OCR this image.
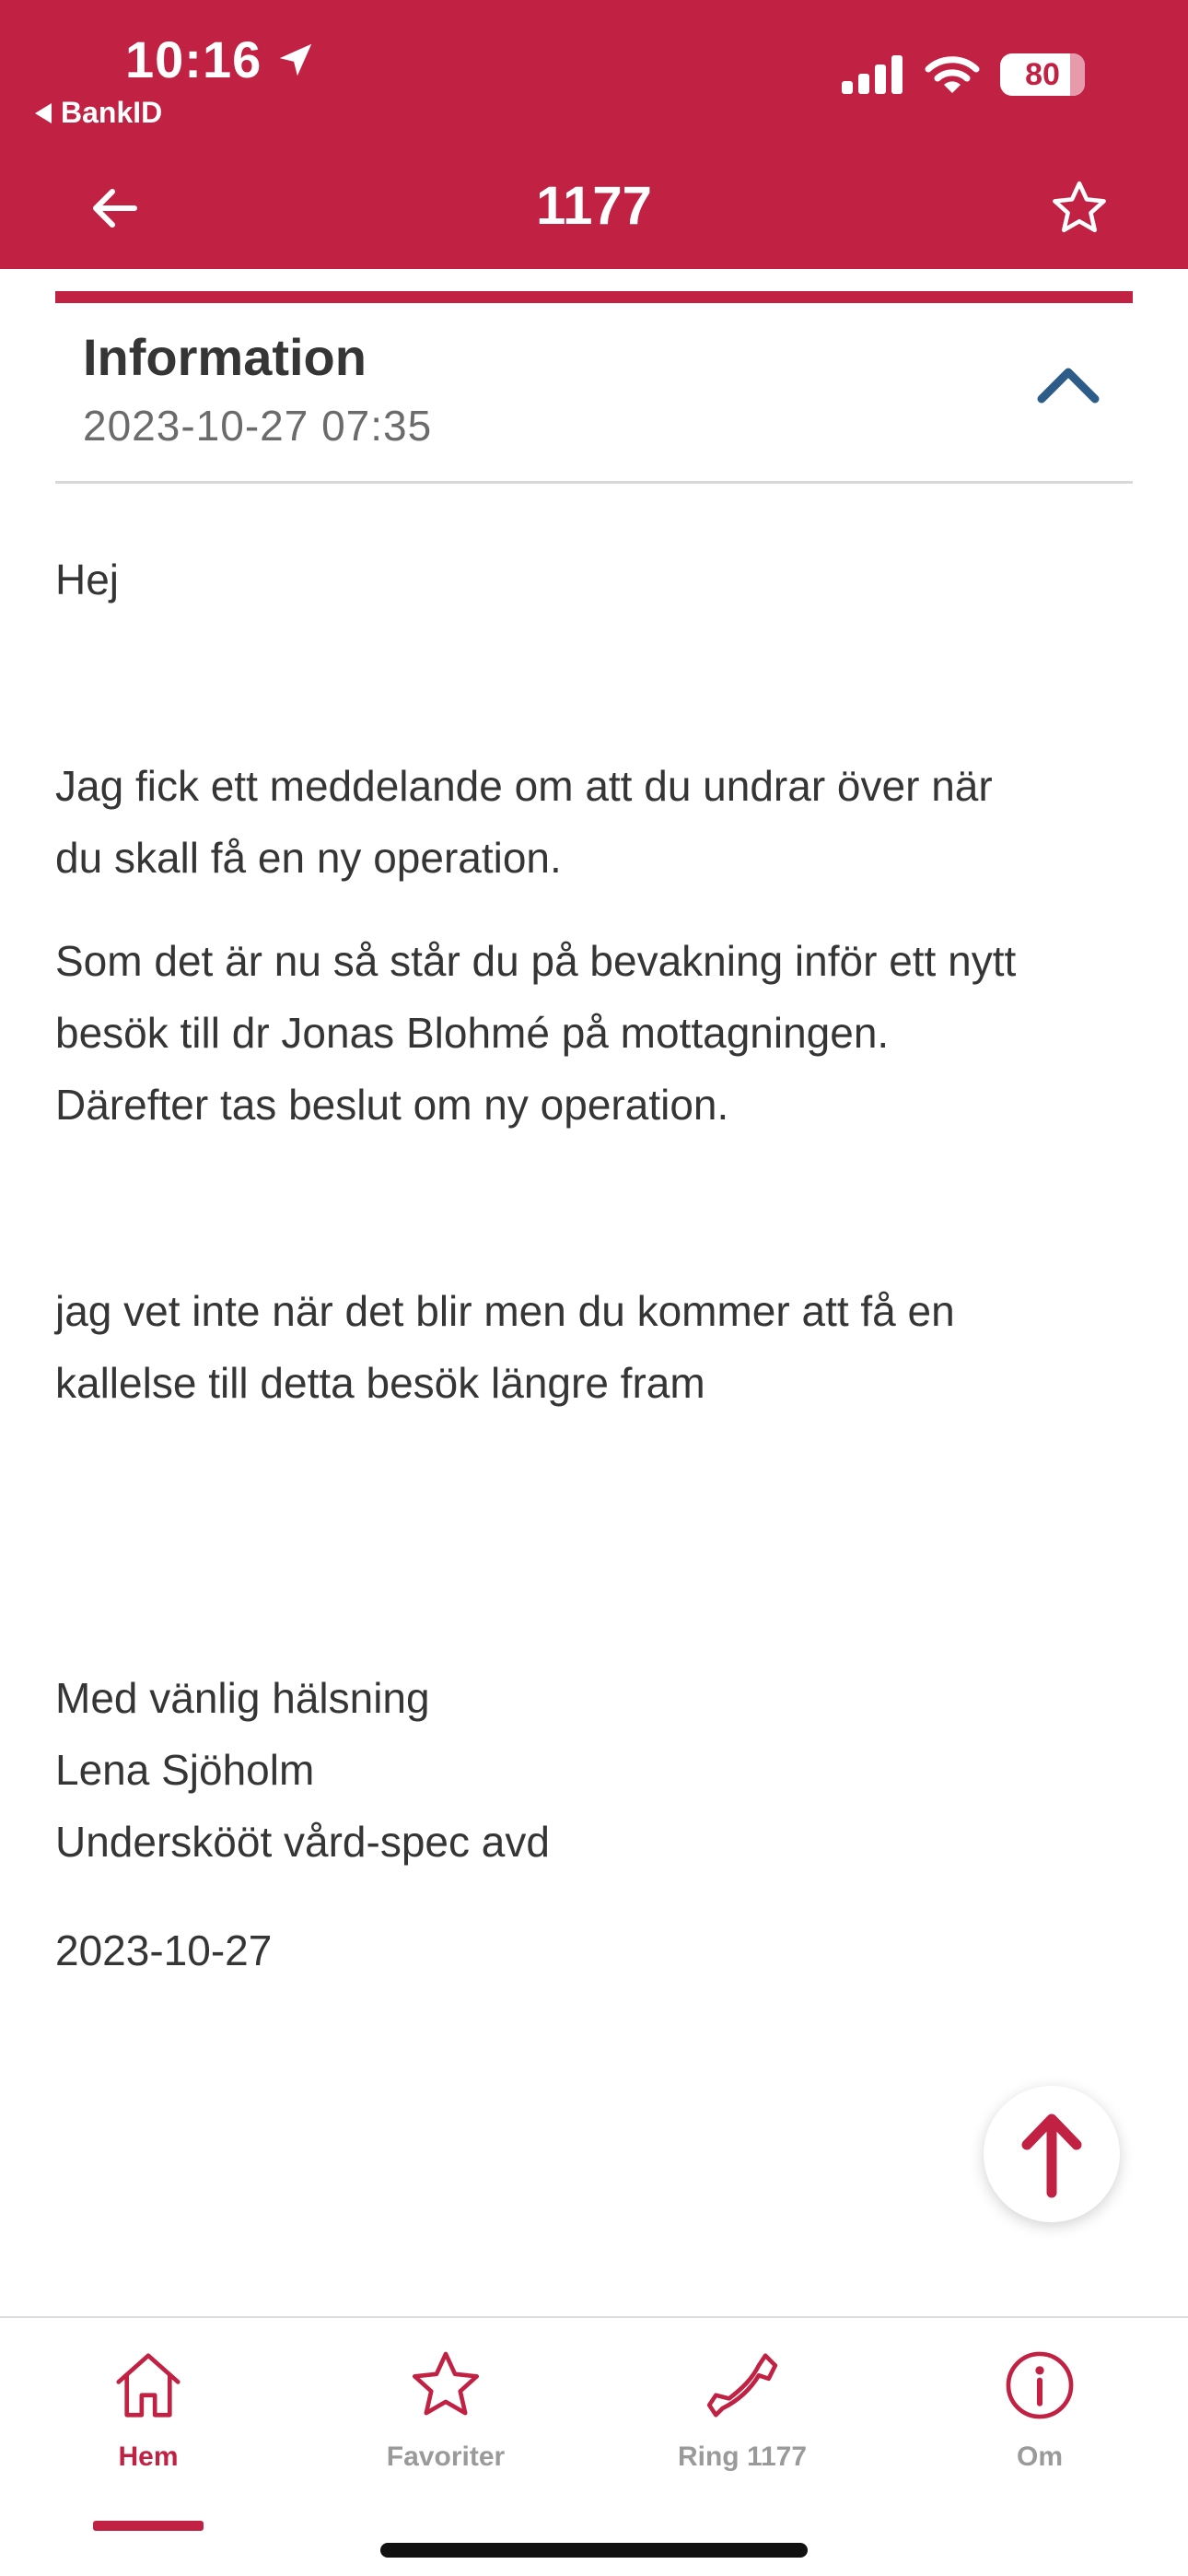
10:16
BankID
80
1177
Information
2023-10-27 07:35

Hej

Jag fick ett meddelande om att du undrar över när

du skall få en ny operation.

Som det är nu så står du på bevakning inför ett nytt

besök till dr Jonas Blohmé på mottagningen.

Därefter tas beslut om ny operation.

jag vet inte när det blir men du kommer att få en

kallelse till detta besök längre fram

Med vänlig hälsning

Lena Sjöholm

Underskööt vård-spec avd

2023-10-27

Hem	Favoriter	Ring 1177	Om
